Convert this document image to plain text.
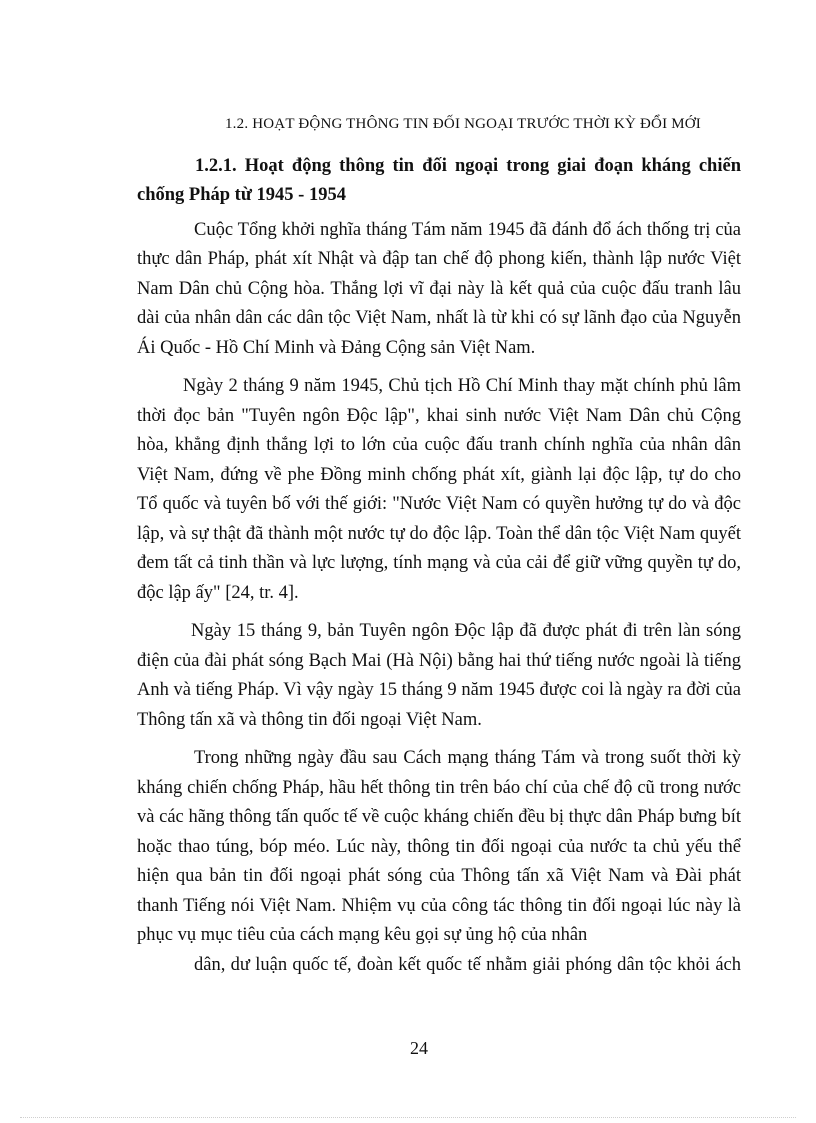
1.2. HOẠT ĐỘNG THÔNG TIN ĐỐI NGOẠI TRƯỚC THỜI KỲ ĐỔI MỚI
1.2.1. Hoạt động thông tin đối ngoại trong giai đoạn kháng chiến chống Pháp từ 1945 - 1954

Cuộc Tổng khởi nghĩa tháng Tám năm 1945 đã đánh đổ ách thống trị của thực dân Pháp, phát xít Nhật và đập tan chế độ phong kiến, thành lập nước Việt Nam Dân chủ Cộng hòa. Thắng lợi vĩ đại này là kết quả của cuộc đấu tranh lâu dài của nhân dân các dân tộc Việt Nam, nhất là từ khi có sự lãnh đạo của Nguyễn Ái Quốc - Hồ Chí Minh và Đảng Cộng sản Việt Nam.

Ngày 2 tháng 9 năm 1945, Chủ tịch Hồ Chí Minh thay mặt chính phủ lâm thời đọc bản "Tuyên ngôn Độc lập", khai sinh nước Việt Nam Dân chủ Cộng hòa, khẳng định thắng lợi to lớn của cuộc đấu tranh chính nghĩa của nhân dân Việt Nam, đứng về phe Đồng minh chống phát xít, giành lại độc lập, tự do cho Tổ quốc và tuyên bố với thế giới: "Nước Việt Nam có quyền hưởng tự do và độc lập, và sự thật đã thành một nước tự do độc lập. Toàn thể dân tộc Việt Nam quyết đem tất cả tinh thần và lực lượng, tính mạng và của cải để giữ vững quyền tự do, độc lập ấy" [24, tr. 4].

Ngày 15 tháng 9, bản Tuyên ngôn Độc lập đã được phát đi trên làn sóng điện của đài phát sóng Bạch Mai (Hà Nội) bằng hai thứ tiếng nước ngoài là tiếng Anh và tiếng Pháp. Vì vậy ngày 15 tháng 9 năm 1945 được coi là ngày ra đời của Thông tấn xã và thông tin đối ngoại Việt Nam.

Trong những ngày đầu sau Cách mạng tháng Tám và trong suốt thời kỳ kháng chiến chống Pháp, hầu hết thông tin trên báo chí của chế độ cũ trong nước và các hãng thông tấn quốc tế về cuộc kháng chiến đều bị thực dân Pháp bưng bít hoặc thao túng, bóp méo. Lúc này, thông tin đối ngoại của nước ta chủ yếu thể hiện qua bản tin đối ngoại phát sóng của Thông tấn xã Việt Nam và Đài phát thanh Tiếng nói Việt Nam. Nhiệm vụ của công tác thông tin đối ngoại lúc này là phục vụ mục tiêu của cách mạng kêu gọi sự ủng hộ của nhân
dân, dư luận quốc tế, đoàn kết quốc tế nhằm giải phóng dân tộc khỏi ách

24
